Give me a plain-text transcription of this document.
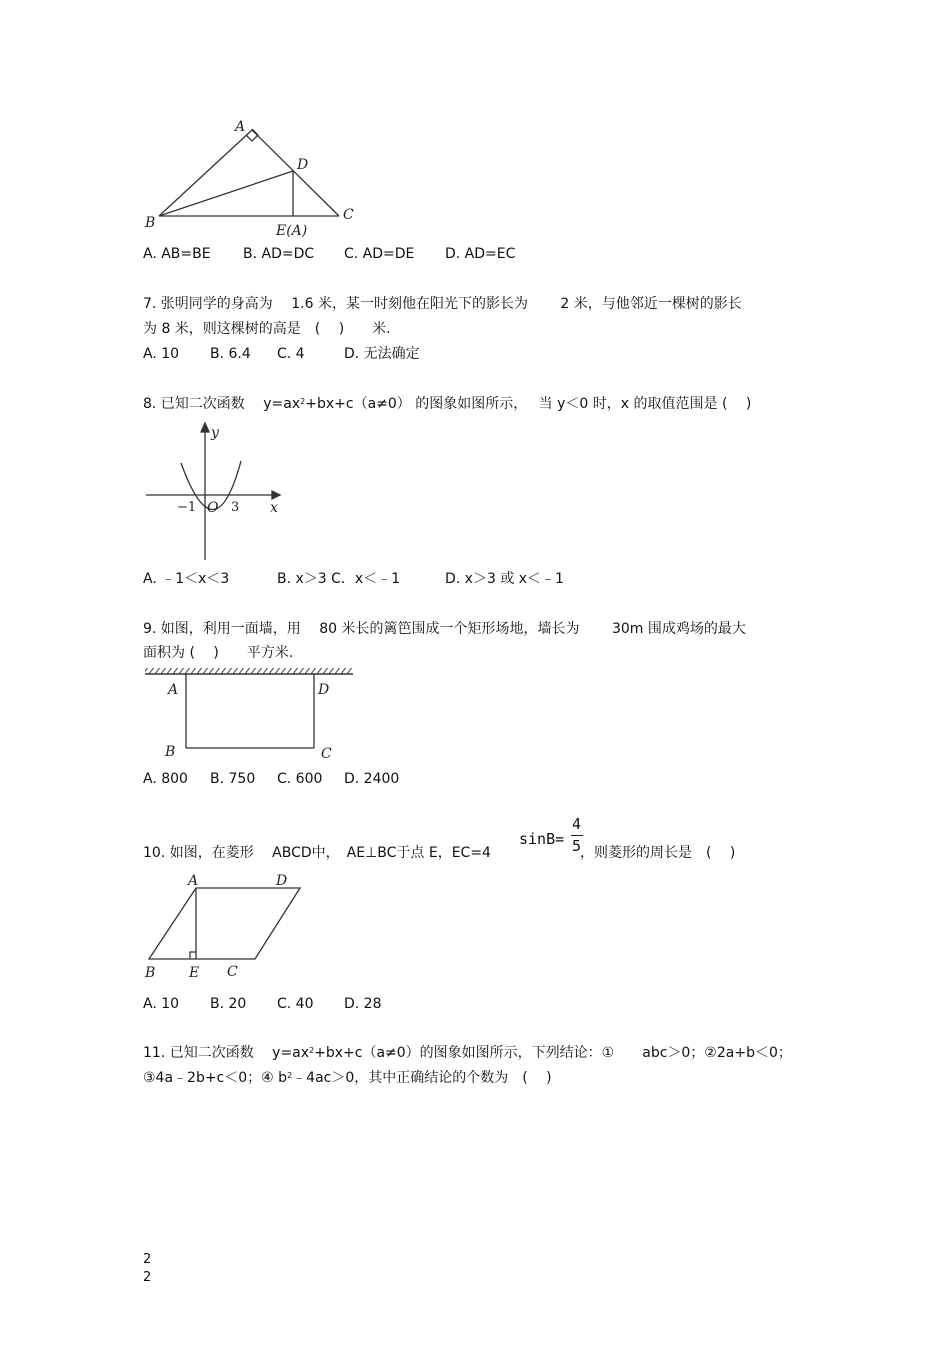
A
B	C
D
E(A)
A. AB=BE B. AD=DC C. AD=DE D. AD=EC
7. 张明同学的身高为　 1.6 米，某一时刻他在阳光下的影长为　　 2 米，与他邻近一棵树的影长
为 8 米，则这棵树的高是　(　 )　　米.
A. 10 B. 6.4 C. 4	D. 无法确定
8. 已知二次函数　 $y=ax^2+bx+c(a\ne 0)$ 的图象如图所示，　 当 y＜0 时，x 的取值范围是 (　 )
y
x
O
−1	3
A. ﹣1＜x＜3	B. x＞3 C．x＜﹣1	D. x＞3 或 x＜﹣1
9. 如图，利用一面墙，用　 80 米长的篱笆围成一个矩形场地，墙长为　　 30m 围成鸡场的最大
面积为 (　 )　　平方米.
A
B	C
D
A. 800 B. 750 C. 600 D. 2400
10. 如图，在菱形　 ABCD中，　AE⊥BC于点 E，EC=4
sinB=
4
5
，则菱形的周长是　(　 )
A	D
B E C
A. 10 B. 20 C. 40 D. 28
11. 已知二次函数　 $y=ax^2+bx+c(a\ne 0)$的图象如图所示，下列结论：①　　abc＞0；②2a+b＜0；
③4a﹣2b+c＜0；④ $b^2﹣4ac>0$，其中正确结论的个数为　(　 )
2
2
